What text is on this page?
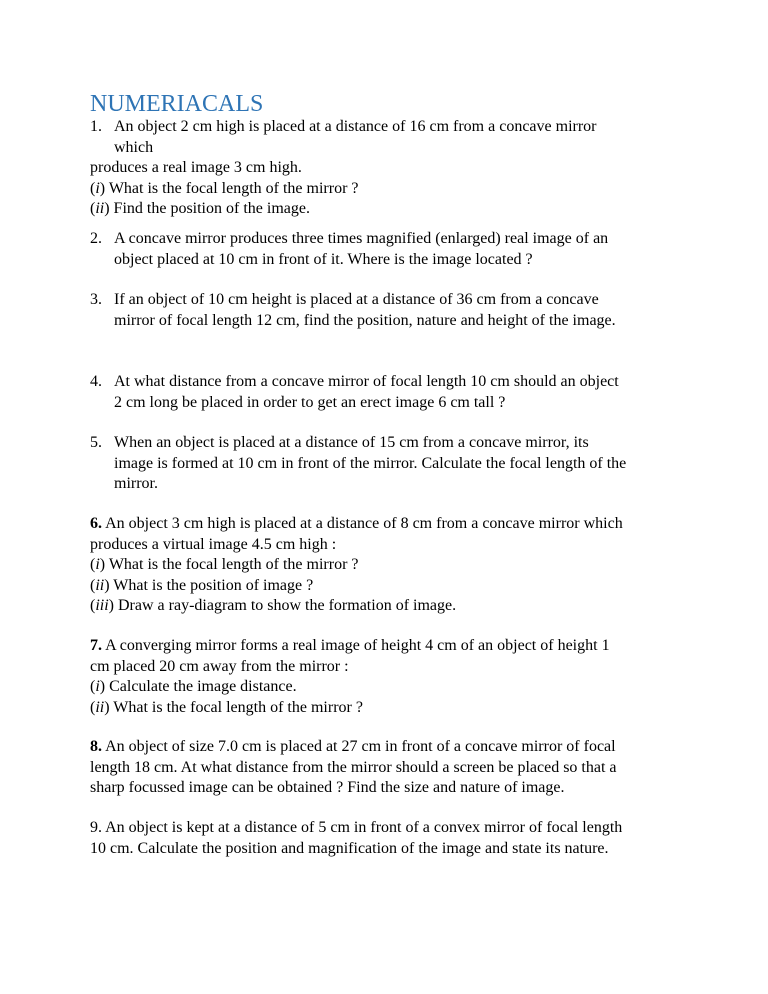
NUMERIACALS
1. An object 2 cm high is placed at a distance of 16 cm from a concave mirror
which
produces a real image 3 cm high.
(i) What is the focal length of the mirror ?
(ii) Find the position of the image.
2. A concave mirror produces three times magnified (enlarged) real image of an
object placed at 10 cm in front of it. Where is the image located ?
3. If an object of 10 cm height is placed at a distance of 36 cm from a concave
mirror of focal length 12 cm, find the position, nature and height of the image.
4. At what distance from a concave mirror of focal length 10 cm should an object
2 cm long be placed in order to get an erect image 6 cm tall ?
5. When an object is placed at a distance of 15 cm from a concave mirror, its
image is formed at 10 cm in front of the mirror. Calculate the focal length of the
mirror.
6. An object 3 cm high is placed at a distance of 8 cm from a concave mirror which
produces a virtual image 4.5 cm high :
(i) What is the focal length of the mirror ?
(ii) What is the position of image ?
(iii) Draw a ray-diagram to show the formation of image.
7. A converging mirror forms a real image of height 4 cm of an object of height 1
cm placed 20 cm away from the mirror :
(i) Calculate the image distance.
(ii) What is the focal length of the mirror ?
8. An object of size 7.0 cm is placed at 27 cm in front of a concave mirror of focal
length 18 cm. At what distance from the mirror should a screen be placed so that a
sharp focussed image can be obtained ? Find the size and nature of image.
9. An object is kept at a distance of 5 cm in front of a convex mirror of focal length
10 cm. Calculate the position and magnification of the image and state its nature.
